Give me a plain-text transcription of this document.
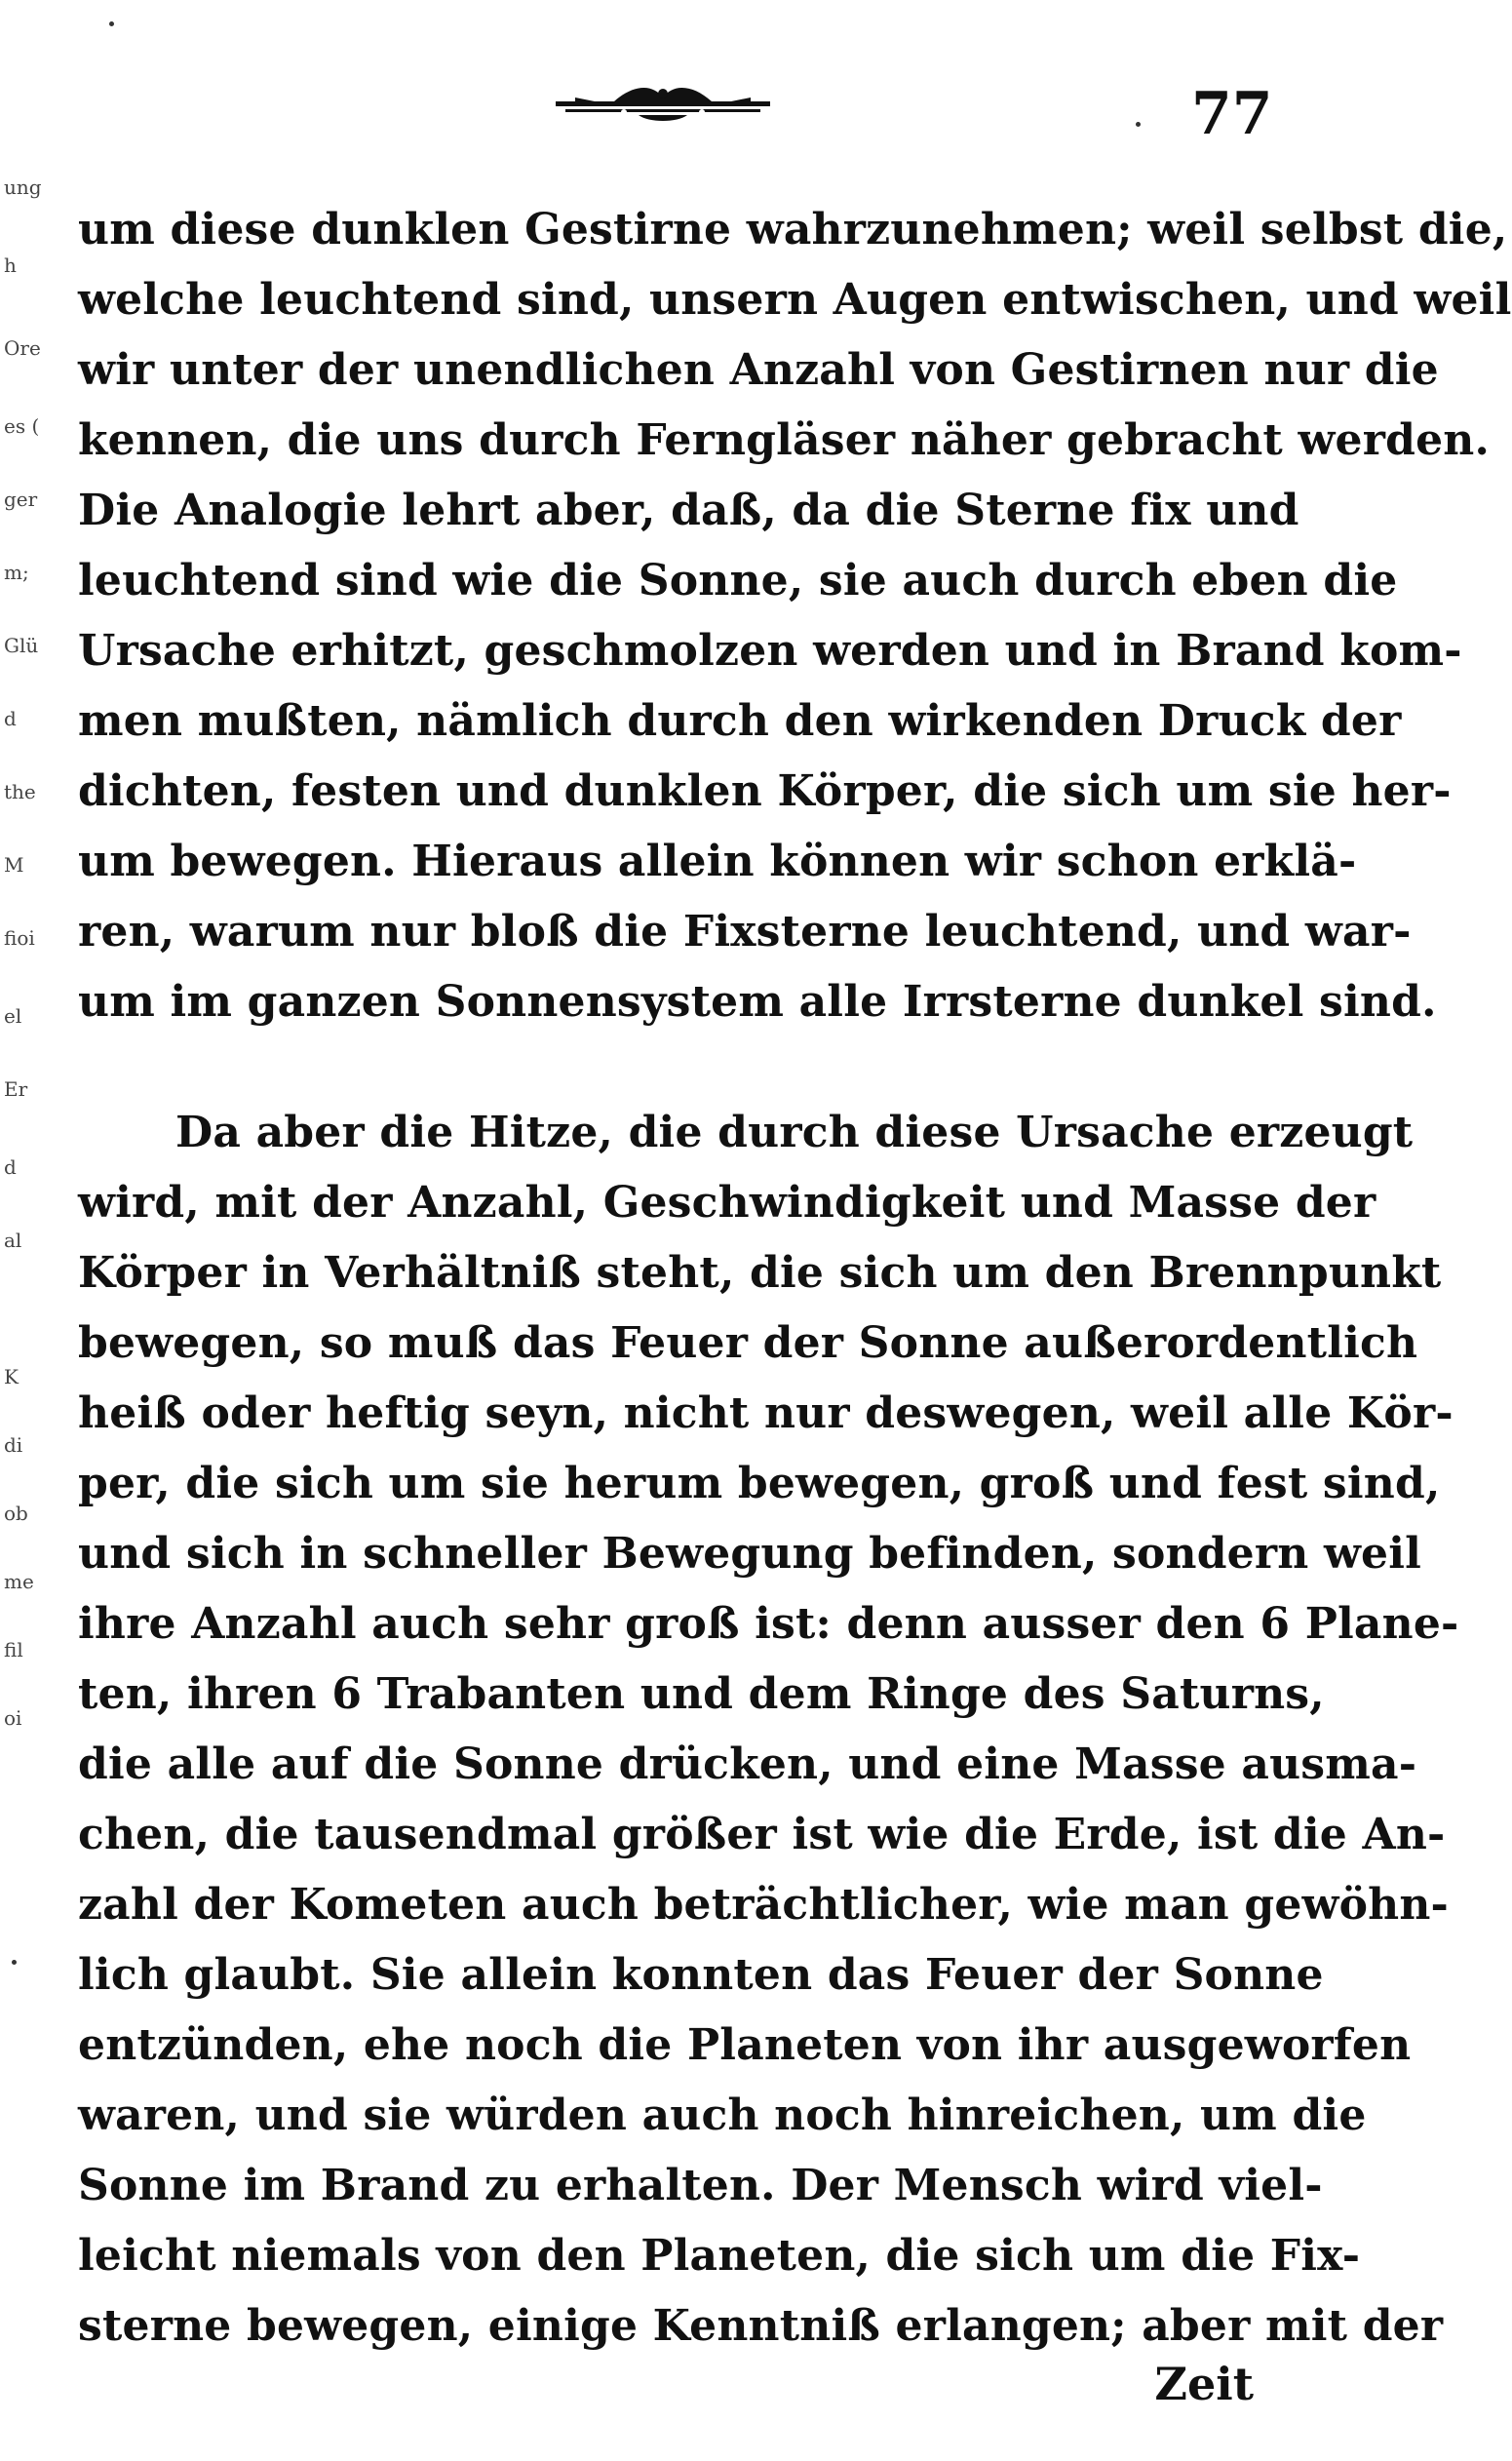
ung
h
Ore
es (
ger
m;
Glü
d
the
M
fioi
el
Er
d
al
K
di
ob
me
fil
oi
77
um diese dunklen Gestirne wahrzunehmen; weil selbst die,
welche leuchtend sind, unsern Augen entwischen, und weil
wir unter der unendlichen Anzahl von Gestirnen nur die
kennen, die uns durch Ferngläser näher gebracht werden.
Die Analogie lehrt aber, daß, da die Sterne fix und
leuchtend sind wie die Sonne, sie auch durch eben die
Ursache erhitzt, geschmolzen werden und in Brand kom-
men mußten, nämlich durch den wirkenden Druck der
dichten, festen und dunklen Körper, die sich um sie her-
um bewegen. Hieraus allein können wir schon erklä-
ren, warum nur bloß die Fixsterne leuchtend, und war-
um im ganzen Sonnensystem alle Irrsterne dunkel sind.
Da aber die Hitze, die durch diese Ursache erzeugt
wird, mit der Anzahl, Geschwindigkeit und Masse der
Körper in Verhältniß steht, die sich um den Brennpunkt
bewegen, so muß das Feuer der Sonne außerordentlich
heiß oder heftig seyn, nicht nur deswegen, weil alle Kör-
per, die sich um sie herum bewegen, groß und fest sind,
und sich in schneller Bewegung befinden, sondern weil
ihre Anzahl auch sehr groß ist: denn ausser den 6 Plane-
ten, ihren 6 Trabanten und dem Ringe des Saturns,
die alle auf die Sonne drücken, und eine Masse ausma-
chen, die tausendmal größer ist wie die Erde, ist die An-
zahl der Kometen auch beträchtlicher, wie man gewöhn-
lich glaubt. Sie allein konnten das Feuer der Sonne
entzünden, ehe noch die Planeten von ihr ausgeworfen
waren, und sie würden auch noch hinreichen, um die
Sonne im Brand zu erhalten. Der Mensch wird viel-
leicht niemals von den Planeten, die sich um die Fix-
sterne bewegen, einige Kenntniß erlangen; aber mit der
Zeit
